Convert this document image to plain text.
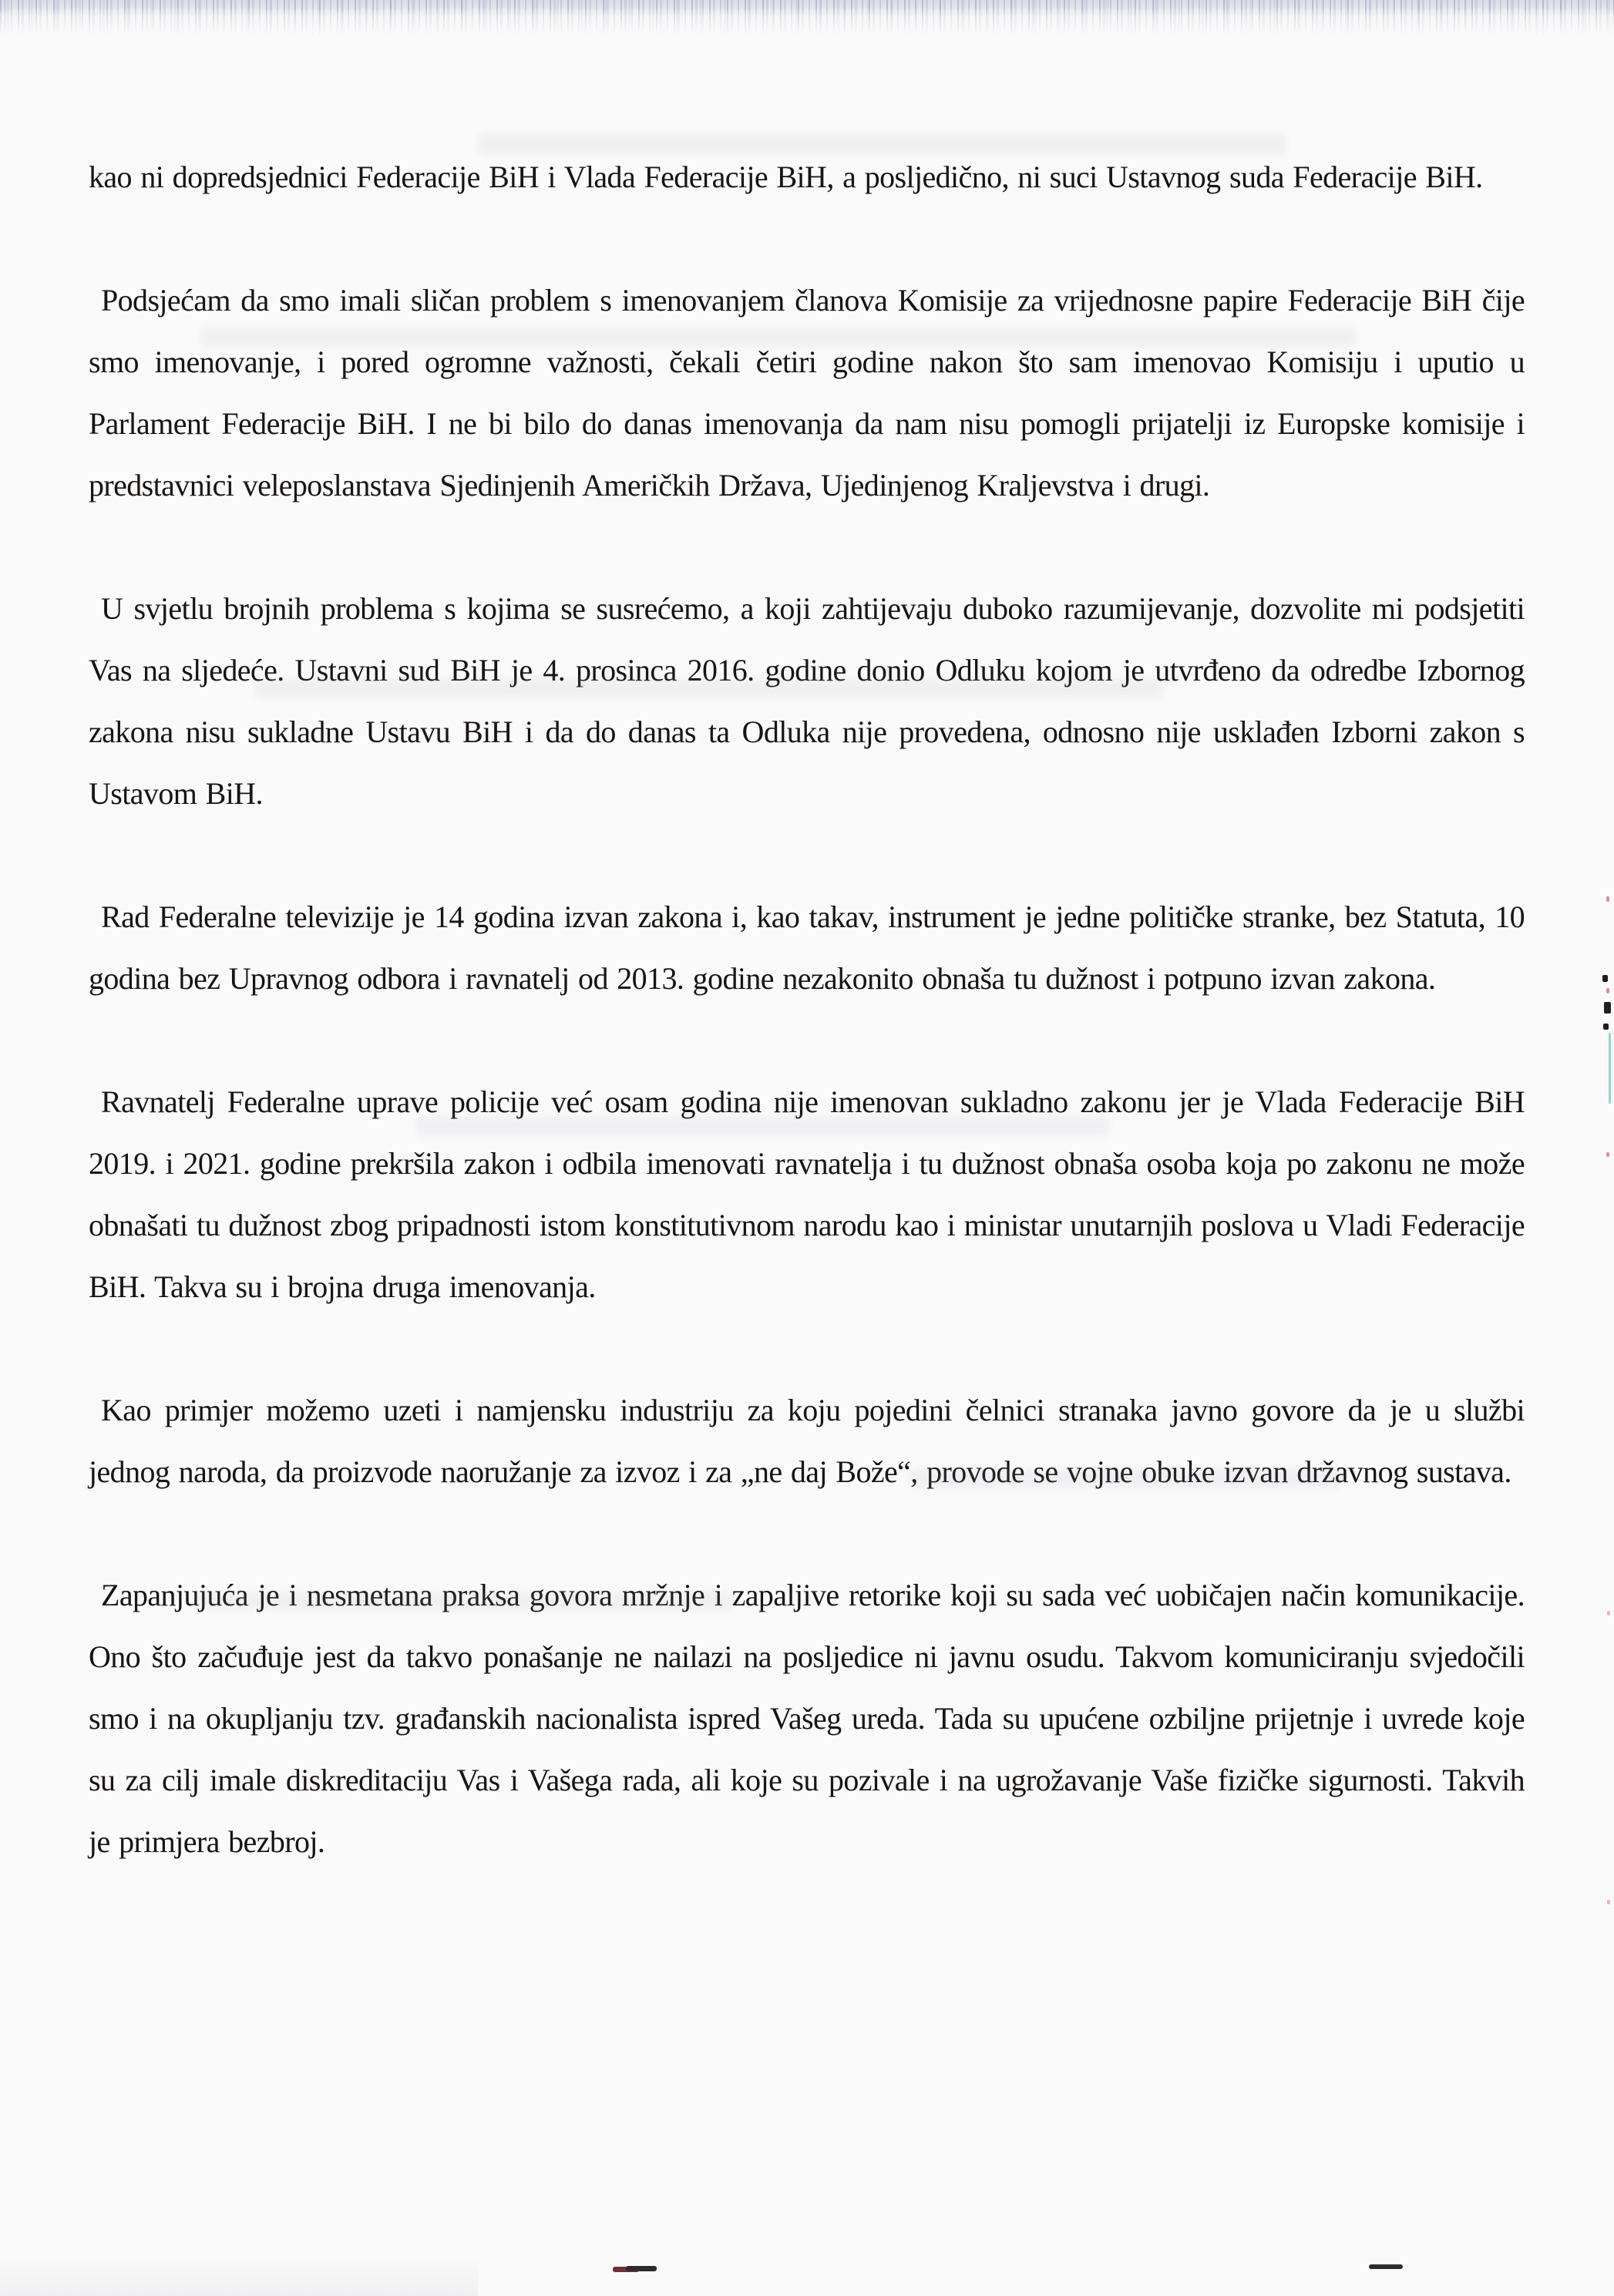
kao ni dopredsjednici Federacije BiH i Vlada Federacije BiH, a posljedično, ni suci Ustavnog suda Federacije BiH.

Podsjećam da smo imali sličan problem s imenovanjem članova Komisije za vrijednosne papire Federacije BiH čije smo imenovanje, i pored ogromne važnosti, čekali četiri godine nakon što sam imenovao Komisiju i uputio u Parlament Federacije BiH. I ne bi bilo do danas imenovanja da nam nisu pomogli prijatelji iz Europske komisije i predstavnici veleposlanstava Sjedinjenih Američkih Država, Ujedinjenog Kraljevstva i drugi.

U svjetlu brojnih problema s kojima se susrećemo, a koji zahtijevaju duboko razumijevanje, dozvolite mi podsjetiti Vas na sljedeće. Ustavni sud BiH je 4. prosinca 2016. godine donio Odluku kojom je utvrđeno da odredbe Izbornog zakona nisu sukladne Ustavu BiH i da do danas ta Odluka nije provedena, odnosno nije usklađen Izborni zakon s Ustavom BiH.

Rad Federalne televizije je 14 godina izvan zakona i, kao takav, instrument je jedne političke stranke, bez Statuta, 10 godina bez Upravnog odbora i ravnatelj od 2013. godine nezakonito obnaša tu dužnost i potpuno izvan zakona.

Ravnatelj Federalne uprave policije već osam godina nije imenovan sukladno zakonu jer je Vlada Federacije BiH 2019. i 2021. godine prekršila zakon i odbila imenovati ravnatelja i tu dužnost obnaša osoba koja po zakonu ne može obnašati tu dužnost zbog pripadnosti istom konstitutivnom narodu kao i ministar unutarnjih poslova u Vladi Federacije BiH. Takva su i brojna druga imenovanja.

Kao primjer možemo uzeti i namjensku industriju za koju pojedini čelnici stranaka javno govore da je u službi jednog naroda, da proizvode naoružanje za izvoz i za „ne daj Bože“, provode se vojne obuke izvan državnog sustava.

Zapanjujuća je i nesmetana praksa govora mržnje i zapaljive retorike koji su sada već uobičajen način komunikacije. Ono što začuđuje jest da takvo ponašanje ne nailazi na posljedice ni javnu osudu. Takvom komuniciranju svjedočili smo i na okupljanju tzv. građanskih nacionalista ispred Vašeg ureda. Tada su upućene ozbiljne prijetnje i uvrede koje su za cilj imale diskreditaciju Vas i Vašega rada, ali koje su pozivale i na ugrožavanje Vaše fizičke sigurnosti. Takvih je primjera bezbroj.
